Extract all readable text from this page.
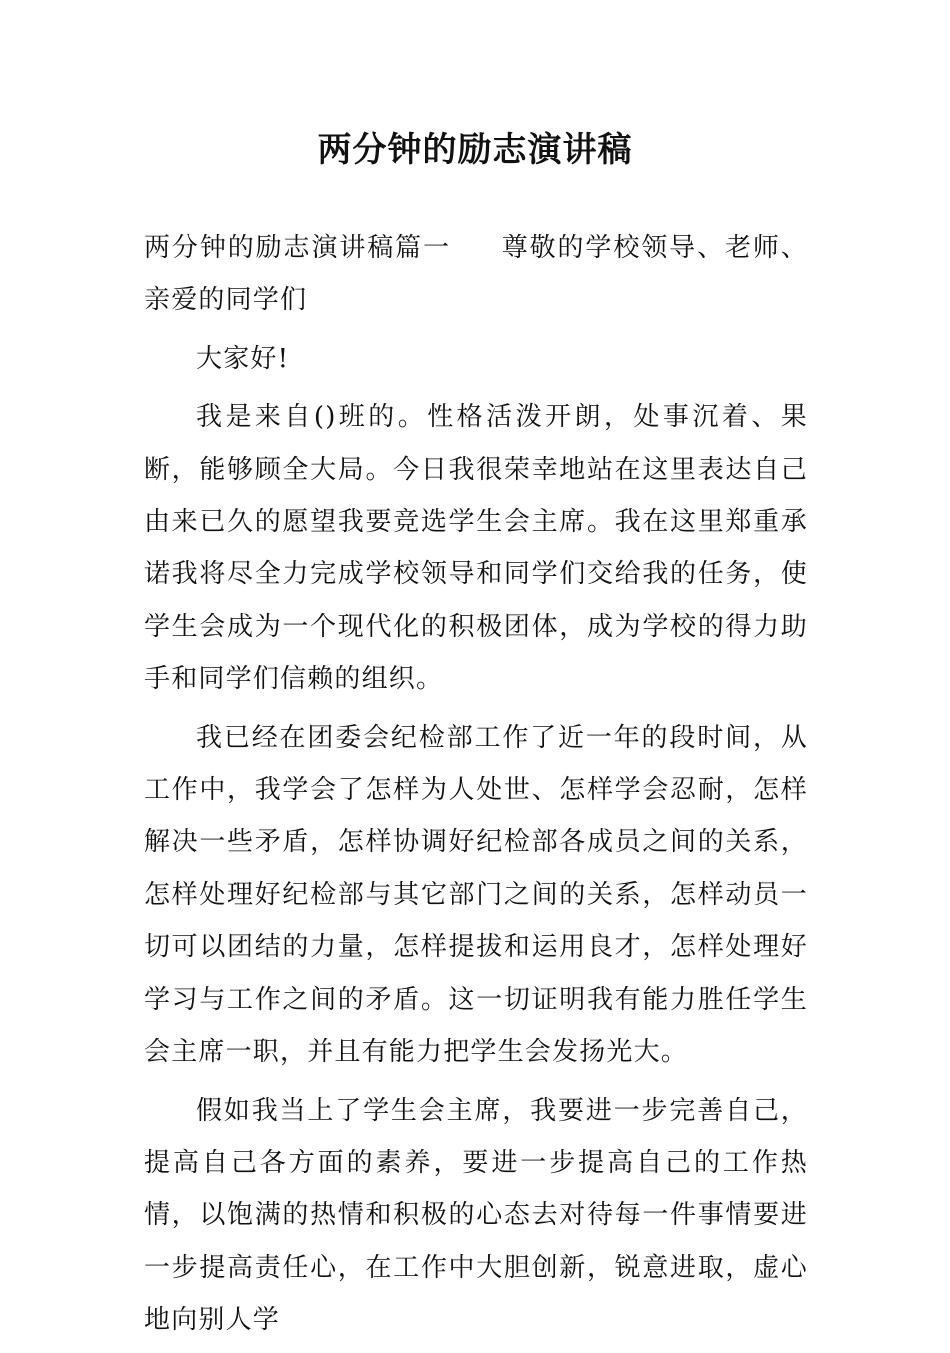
两分钟的励志演讲稿

两分钟的励志演讲稿篇一 尊敬的学校领导、老师、亲爱的同学们

大家好!

我是来自()班的。性格活泼开朗，处事沉着、果断，能够顾全大局。今日我很荣幸地站在这里表达自己由来已久的愿望我要竞选学生会主席。我在这里郑重承诺我将尽全力完成学校领导和同学们交给我的任务，使学生会成为一个现代化的积极团体，成为学校的得力助手和同学们信赖的组织。

我已经在团委会纪检部工作了近一年的段时间，从工作中，我学会了怎样为人处世、怎样学会忍耐，怎样解决一些矛盾，怎样协调好纪检部各成员之间的关系，怎样处理好纪检部与其它部门之间的关系，怎样动员一切可以团结的力量，怎样提拔和运用良才，怎样处理好学习与工作之间的矛盾。这一切证明我有能力胜任学生会主席一职，并且有能力把学生会发扬光大。

假如我当上了学生会主席，我要进一步完善自己，提高自己各方面的素养，要进一步提高自己的工作热情，以饱满的热情和积极的心态去对待每一件事情要进一步提高责任心，在工作中大胆创新，锐意进取，虚心地向别人学
